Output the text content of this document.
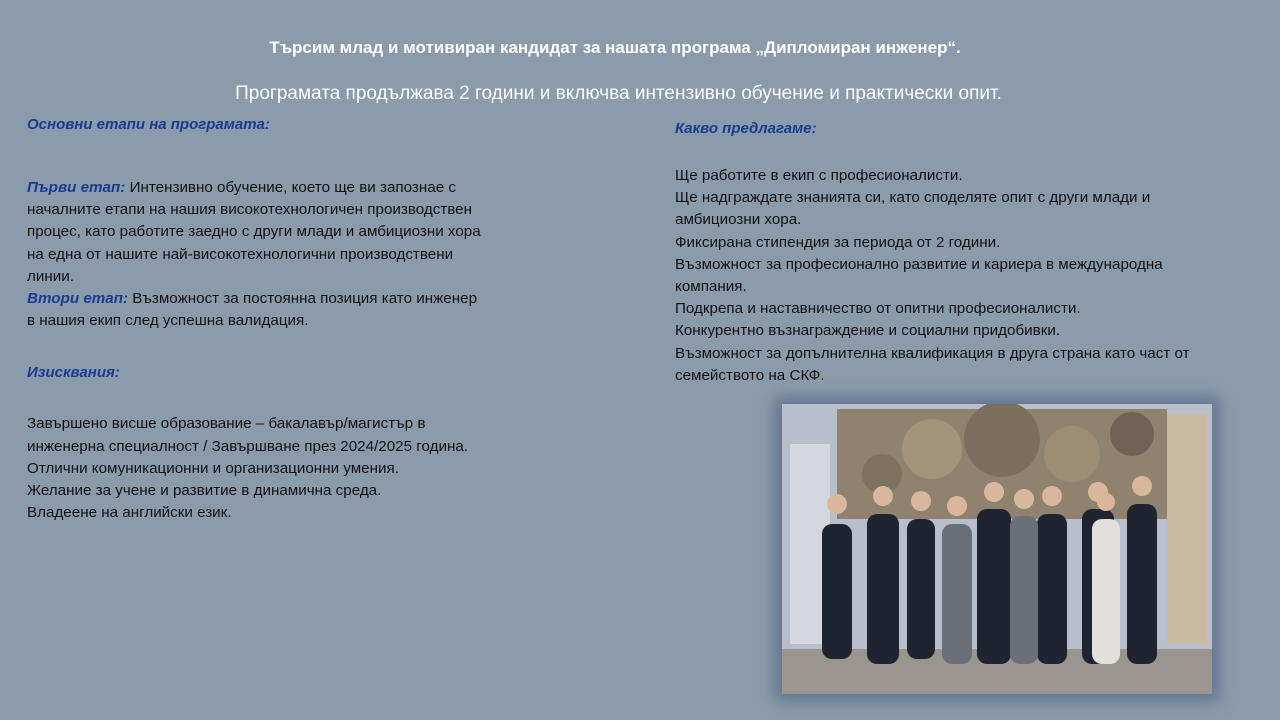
Търсим млад и мотивиран кандидат за нашата програма „Дипломиран инженер“.
Програмата продължава 2 години и включва интензивно обучение и практически опит.
Основни етапи на програмата:

Първи етап: Интензивно обучение, което ще ви запознае с началните етапи на нашия високотехнологичен производствен процес, като работите заедно с други млади и амбициозни хора на една от нашите най-високотехнологични производствени линии.

Втори етап: Възможност за постоянна позиция като инженер в нашия екип след успешна валидация.

Изисквания:
Завършено висше образование – бакалавър/магистър в инженерна специалност / Завършване през 2024/2025 година.
Отлични комуникационни и организационни умения.
Желание за учене и развитие в динамична среда.
Владеене на английски език.
Какво предлагаме:
Ще работите в екип с професионалисти.
Ще надграждате знанията си, като споделяте опит с други млади и амбициозни хора.
Фиксирана стипендия за периода от 2 години.
Възможност за професионално развитие и кариера в международна компания.
Подкрепа и наставничество от опитни професионалисти.
Конкурентно възнаграждение и социални придобивки.
Възможност за допълнителна квалификация в друга страна като част от семейството на СКФ.
